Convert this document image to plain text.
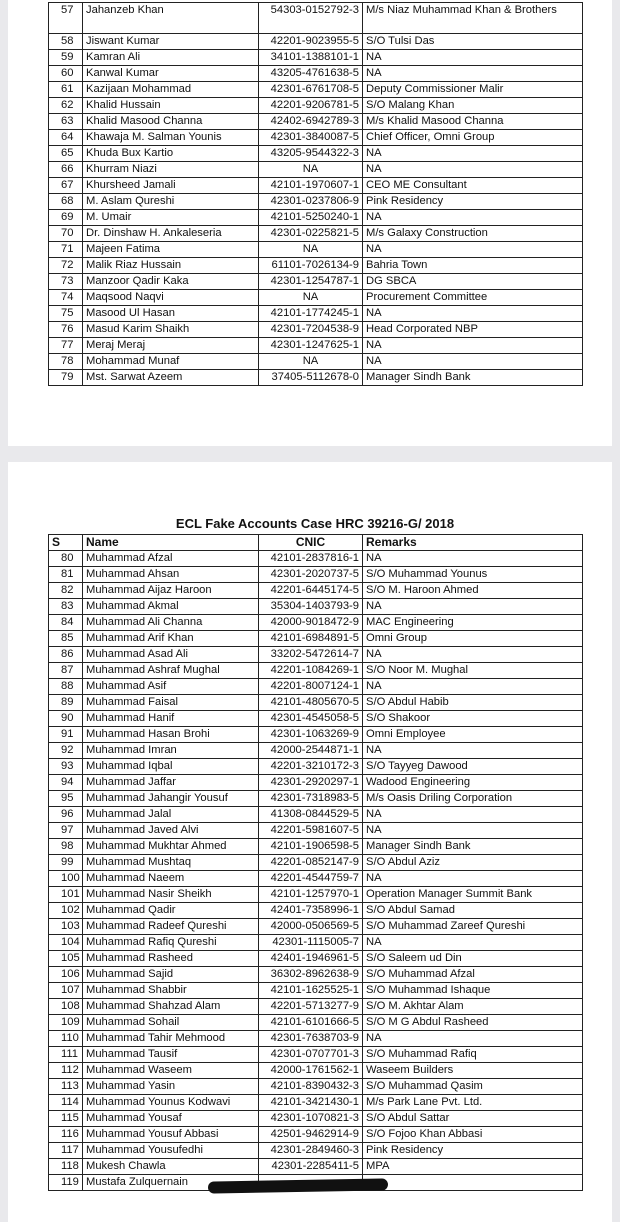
57	Jahanzeb Khan	54303-0152792-3	M/s Niaz Muhammad Khan & Brothers
58	Jiswant Kumar	42201-9023955-5	S/O Tulsi Das
59	Kamran Ali	34101-1388101-1	NA
60	Kanwal Kumar	43205-4761638-5	NA
61	Kazijaan Mohammad	42301-6761708-5	Deputy Commissioner Malir
62	Khalid Hussain	42201-9206781-5	S/O Malang Khan
63	Khalid Masood Channa	42402-6942789-3	M/s Khalid Masood Channa
64	Khawaja M. Salman Younis	42301-3840087-5	Chief Officer, Omni Group
65	Khuda Bux Kartio	43205-9544322-3	NA
66	Khurram Niazi	NA	NA
67	Khursheed Jamali	42101-1970607-1	CEO ME Consultant
68	M. Aslam Qureshi	42301-0237806-9	Pink Residency
69	M. Umair	42101-5250240-1	NA
70	Dr. Dinshaw H. Ankaleseria	42301-0225821-5	M/s Galaxy Construction
71	Majeen Fatima	NA	NA
72	Malik Riaz Hussain	61101-7026134-9	Bahria Town
73	Manzoor Qadir Kaka	42301-1254787-1	DG SBCA
74	Maqsood Naqvi	NA	Procurement Committee
75	Masood Ul Hasan	42101-1774245-1	NA
76	Masud Karim Shaikh	42301-7204538-9	Head Corporated NBP
77	Meraj Meraj	42301-1247625-1	NA
78	Mohammad Munaf	NA	NA
79	Mst. Sarwat Azeem	37405-5112678-0	Manager Sindh Bank
ECL Fake Accounts Case HRC 39216-G/ 2018
S	Name	CNIC	Remarks
80	Muhammad Afzal	42101-2837816-1	NA
81	Muhammad Ahsan	42301-2020737-5	S/O Muhammad Younus
82	Muhammad Aijaz Haroon	42201-6445174-5	S/O M. Haroon Ahmed
83	Muhammad Akmal	35304-1403793-9	NA
84	Muhammad Ali Channa	42000-9018472-9	MAC Engineering
85	Muhammad Arif Khan	42101-6984891-5	Omni Group
86	Muhammad Asad Ali	33202-5472614-7	NA
87	Muhammad Ashraf Mughal	42201-1084269-1	S/O Noor M. Mughal
88	Muhammad Asif	42201-8007124-1	NA
89	Muhammad Faisal	42101-4805670-5	S/O Abdul Habib
90	Muhammad Hanif	42301-4545058-5	S/O Shakoor
91	Muhammad Hasan Brohi	42301-1063269-9	Omni Employee
92	Muhammad Imran	42000-2544871-1	NA
93	Muhammad Iqbal	42201-3210172-3	S/O Tayyeg Dawood
94	Muhammad Jaffar	42301-2920297-1	Wadood Engineering
95	Muhammad Jahangir Yousuf	42301-7318983-5	M/s Oasis Driling Corporation
96	Muhammad Jalal	41308-0844529-5	NA
97	Muhammad Javed Alvi	42201-5981607-5	NA
98	Muhammad Mukhtar Ahmed	42101-1906598-5	Manager Sindh Bank
99	Muhammad Mushtaq	42201-0852147-9	S/O Abdul Aziz
100	Muhammad Naeem	42201-4544759-7	NA
101	Muhammad Nasir Sheikh	42101-1257970-1	Operation Manager Summit Bank
102	Muhammad Qadir	42401-7358996-1	S/O Abdul Samad
103	Muhammad Radeef Qureshi	42000-0506569-5	S/O Muhammad Zareef Qureshi
104	Muhammad Rafiq Qureshi	42301-1115005-7	NA
105	Muhammad Rasheed	42401-1946961-5	S/O Saleem ud Din
106	Muhammad Sajid	36302-8962638-9	S/O Muhammad Afzal
107	Muhammad Shabbir	42101-1625525-1	S/O Muhammad Ishaque
108	Muhammad Shahzad Alam	42201-5713277-9	S/O M. Akhtar Alam
109	Muhammad Sohail	42101-6101666-5	S/O M G Abdul Rasheed
110	Muhammad Tahir Mehmood	42301-7638703-9	NA
111	Muhammad Tausif	42301-0707701-3	S/O Muhammad Rafiq
112	Muhammad Waseem	42000-1761562-1	Waseem Builders
113	Muhammad Yasin	42101-8390432-3	S/O Muhammad Qasim
114	Muhammad Younus Kodwavi	42101-3421430-1	M/s Park Lane Pvt. Ltd.
115	Muhammad Yousaf	42301-1070821-3	S/O Abdul Sattar
116	Muhammad Yousuf Abbasi	42501-9462914-9	S/O Fojoo Khan Abbasi
117	Muhammad Yousufedhi	42301-2849460-3	Pink Residency
118	Mukesh Chawla	42301-2285411-5	MPA
119	Mustafa Zulquernain		
